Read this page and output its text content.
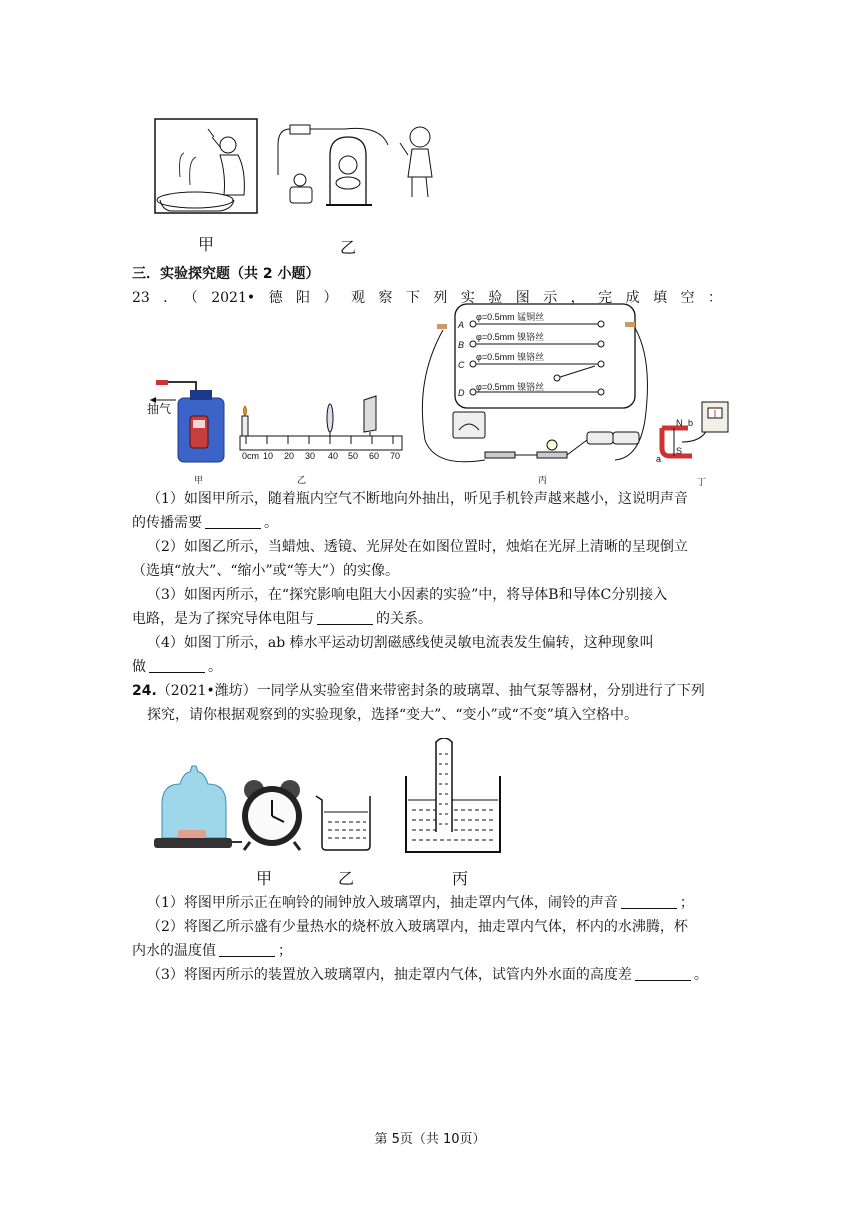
甲	乙
三．实验探究题（共 2 小题）
23．（2021•德阳）观察下列实验图示，完成填空：
抽气
甲
0cm 10 20 30 40 50 60 70
乙
A
φ=0.5mm 锰铜丝
B
φ=0.5mm 镍铬丝
C
φ=0.5mm 镍铬丝
D
φ=0.5mm 镍铬丝
丙
N b
a
S
丁
（1）如图甲所示，随着瓶内空气不断地向外抽出，听见手机铃声越来越小，这说明声音
的传播需要	。
（2）如图乙所示，当蜡烛、透镜、光屏处在如图位置时，烛焰在光屏上清晰的呈现倒立
（选填“放大”、“缩小”或“等大”）的实像。
（3）如图丙所示，在“探究影响电阻大小因素的实验”中，将导体B和导体C分别接入
电路，是为了探究导体电阻与	的关系。
（4）如图丁所示，ab 棒水平运动切割磁感线使灵敏电流表发生偏转，这种现象叫
做	。
24.（2021•潍坊）一同学从实验室借来带密封条的玻璃罩、抽气泵等器材，分别进行了下列
探究，请你根据观察到的实验现象，选择“变大”、“变小”或“不变”填入空格中。
甲	乙	丙
（1）将图甲所示正在响铃的闹钟放入玻璃罩内，抽走罩内气体，闹铃的声音	；
（2）将图乙所示盛有少量热水的烧杯放入玻璃罩内，抽走罩内气体，杯内的水沸腾，杯
内水的温度值	；
（3）将图丙所示的装置放入玻璃罩内，抽走罩内气体，试管内外水面的高度差	。
第 5页（共 10页）
